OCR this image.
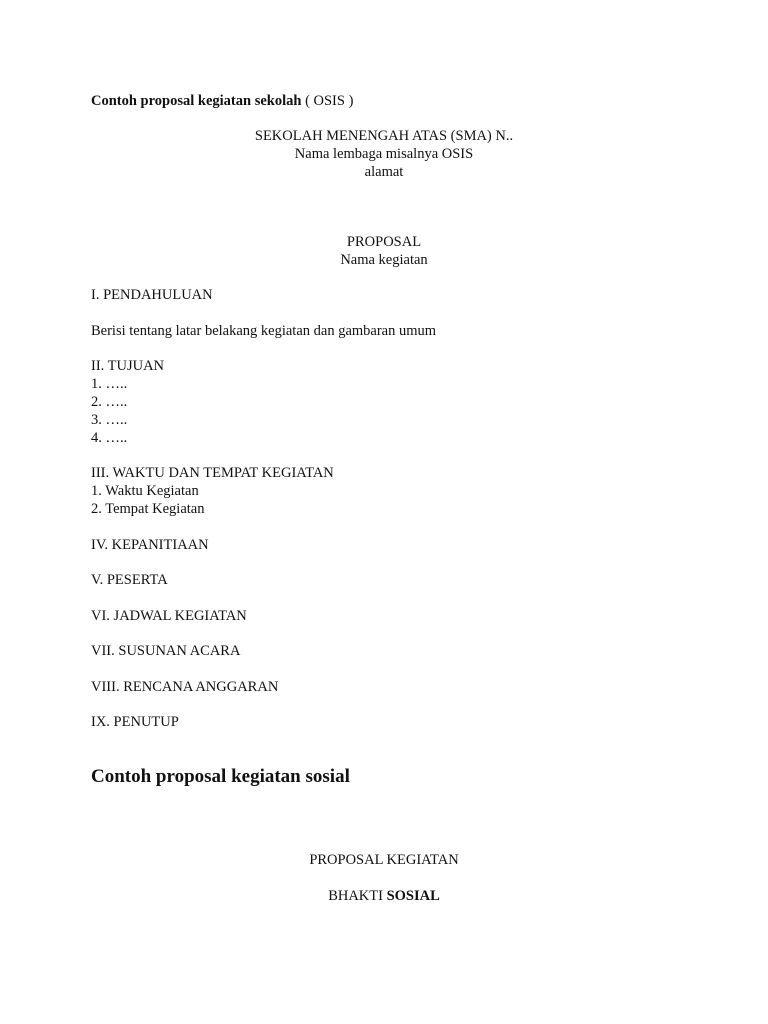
Contoh proposal kegiatan sekolah ( OSIS )
SEKOLAH MENENGAH ATAS (SMA) N..
Nama lembaga misalnya OSIS
alamat
PROPOSAL
Nama kegiatan
I. PENDAHULUAN
Berisi tentang latar belakang kegiatan dan gambaran umum
II. TUJUAN
1. …..
2. …..
3. …..
4. …..
III. WAKTU DAN TEMPAT KEGIATAN
1. Waktu Kegiatan
2. Tempat Kegiatan
IV. KEPANITIAAN
V. PESERTA
VI. JADWAL KEGIATAN
VII. SUSUNAN ACARA
VIII. RENCANA ANGGARAN
IX. PENUTUP
Contoh proposal kegiatan sosial
PROPOSAL KEGIATAN
BHAKTI SOSIAL
